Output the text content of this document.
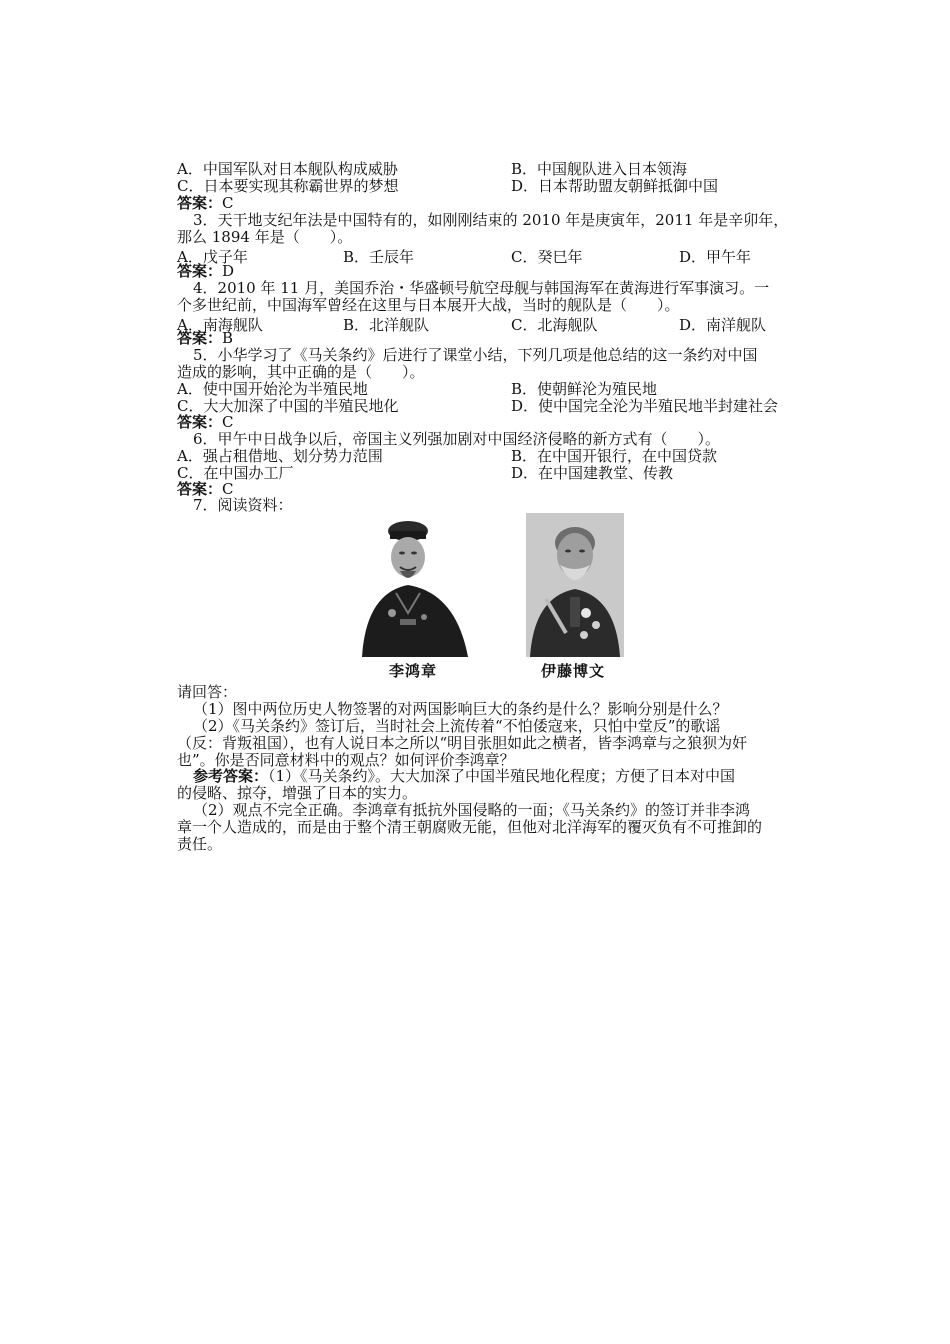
A．中国军队对日本舰队构成威胁	B．中国舰队进入日本领海
C．日本要实现其称霸世界的梦想	D．日本帮助盟友朝鲜抵御中国
答案：C
3．天干地支纪年法是中国特有的，如刚刚结束的 2010 年是庚寅年，2011 年是辛卯年，
那么 1894 年是（　　）。
A．戊子年	B．壬辰年	C．癸巳年	D．甲午年
答案：D
4．2010 年 11 月，美国乔治・华盛顿号航空母舰与韩国海军在黄海进行军事演习。一
个多世纪前，中国海军曾经在这里与日本展开大战，当时的舰队是（　　）。
A．南海舰队	B．北洋舰队	C．北海舰队	D．南洋舰队
答案：B
5．小华学习了《马关条约》后进行了课堂小结，下列几项是他总结的这一条约对中国
造成的影响，其中正确的是（　　）。
A．使中国开始沦为半殖民地	B．使朝鲜沦为殖民地
C．大大加深了中国的半殖民地化	D．使中国完全沦为半殖民地半封建社会
答案：C
6．甲午中日战争以后，帝国主义列强加剧对中国经济侵略的新方式有（　　）。
A．强占租借地、划分势力范围	B．在中国开银行，在中国贷款
C．在中国办工厂	D．在中国建教堂、传教
答案：C
7．阅读资料：
李鸿章	伊藤博文
请回答：
（1）图中两位历史人物签署的对两国影响巨大的条约是什么？影响分别是什么？
（2）《马关条约》签订后，当时社会上流传着“不怕倭寇来，只怕中堂反”的歌谣
（反：背叛祖国），也有人说日本之所以“明目张胆如此之横者，皆李鸿章与之狼狈为奸
也”。你是否同意材料中的观点？如何评价李鸿章？
参考答案：（1）《马关条约》。大大加深了中国半殖民地化程度；方便了日本对中国
的侵略、掠夺，增强了日本的实力。
（2）观点不完全正确。李鸿章有抵抗外国侵略的一面；《马关条约》的签订并非李鸿
章一个人造成的，而是由于整个清王朝腐败无能，但他对北洋海军的覆灭负有不可推卸的
责任。
